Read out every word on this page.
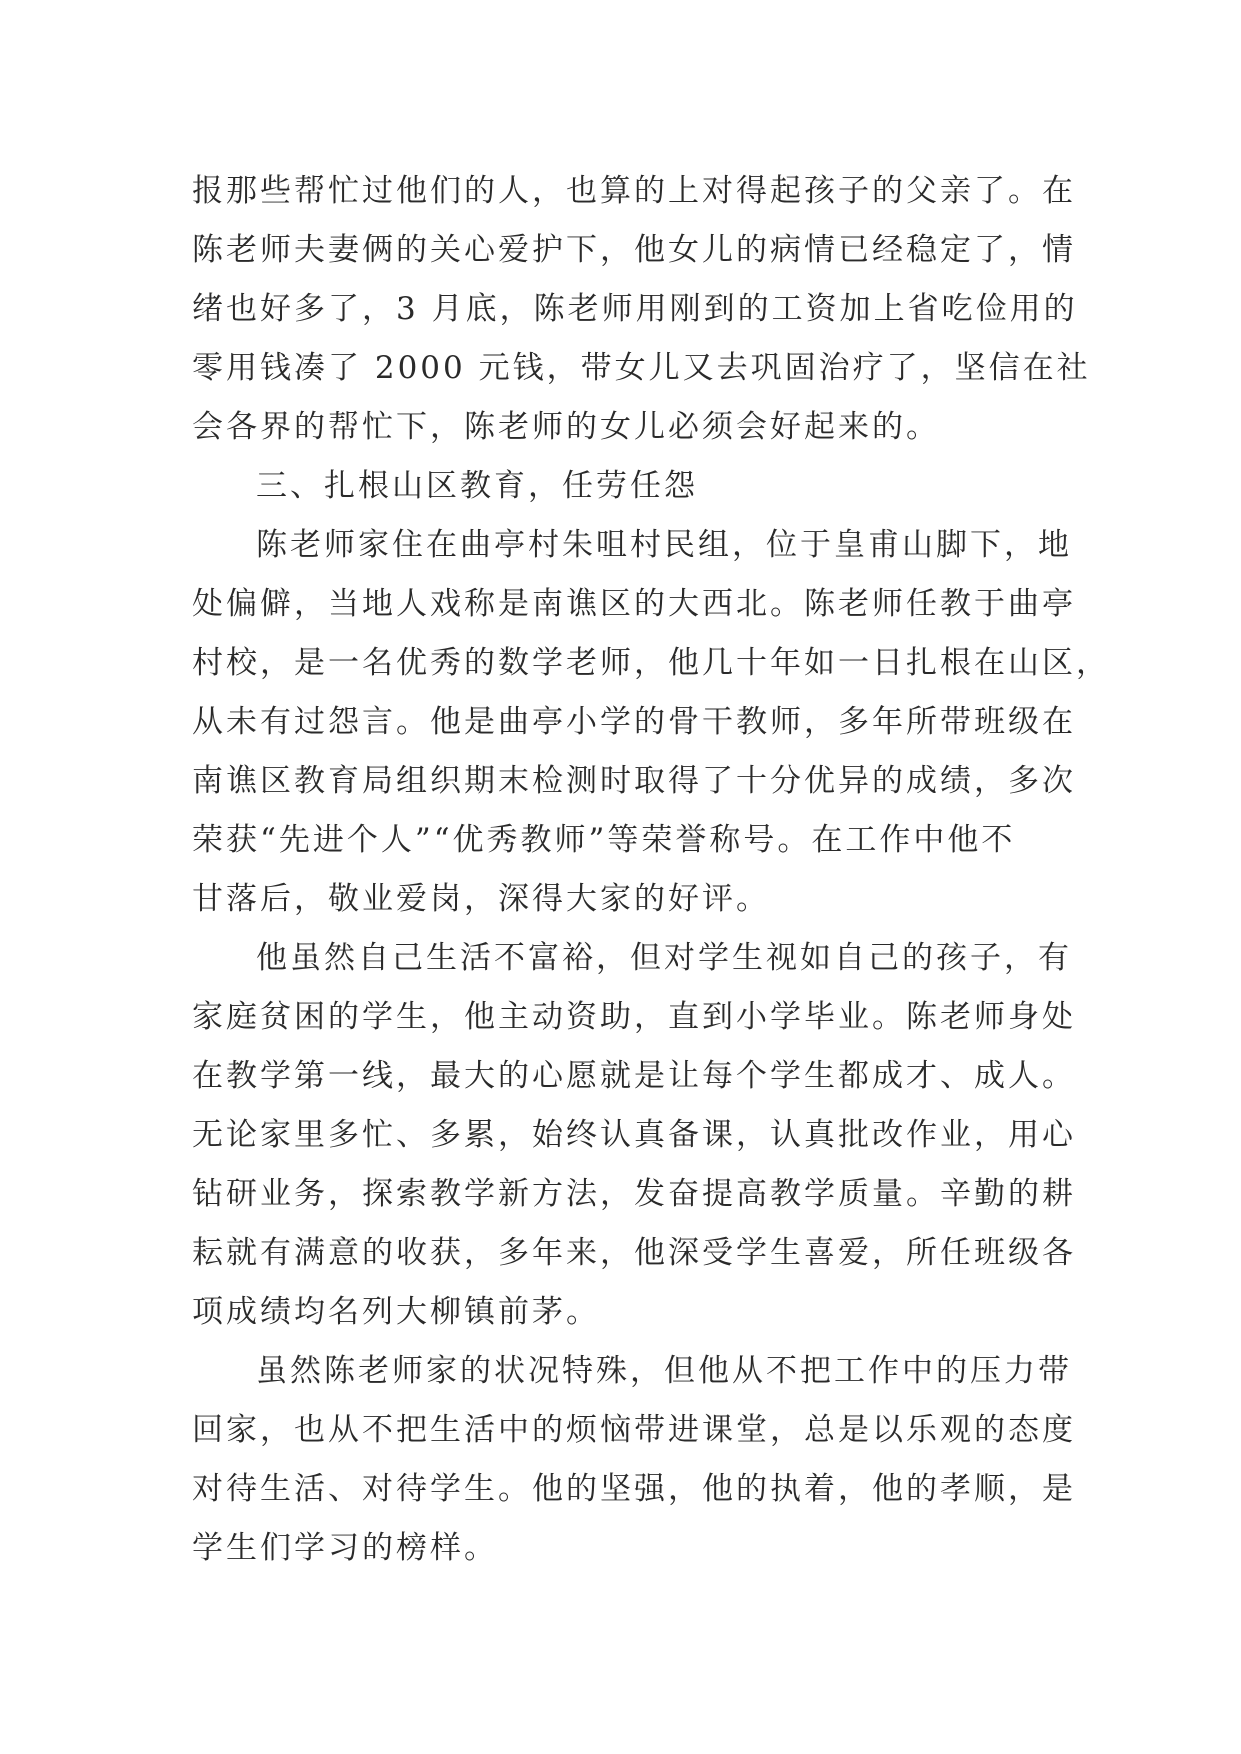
报那些帮忙过他们的人，也算的上对得起孩子的父亲了。在
陈老师夫妻俩的关心爱护下，他女儿的病情已经稳定了，情
绪也好多了，3 月底，陈老师用刚到的工资加上省吃俭用的
零用钱凑了 2000 元钱，带女儿又去巩固治疗了，坚信在社
会各界的帮忙下，陈老师的女儿必须会好起来的。
三、扎根山区教育，任劳任怨
陈老师家住在曲亭村朱咀村民组，位于皇甫山脚下，地
处偏僻，当地人戏称是南谯区的大西北。陈老师任教于曲亭
村校，是一名优秀的数学老师，他几十年如一日扎根在山区，
从未有过怨言。他是曲亭小学的骨干教师，多年所带班级在
南谯区教育局组织期末检测时取得了十分优异的成绩，多次
荣获“先进个人”“优秀教师”等荣誉称号。在工作中他不
甘落后，敬业爱岗，深得大家的好评。
他虽然自己生活不富裕，但对学生视如自己的孩子，有
家庭贫困的学生，他主动资助，直到小学毕业。陈老师身处
在教学第一线，最大的心愿就是让每个学生都成才、成人。
无论家里多忙、多累，始终认真备课，认真批改作业，用心
钻研业务，探索教学新方法，发奋提高教学质量。辛勤的耕
耘就有满意的收获，多年来，他深受学生喜爱，所任班级各
项成绩均名列大柳镇前茅。
虽然陈老师家的状况特殊，但他从不把工作中的压力带
回家，也从不把生活中的烦恼带进课堂，总是以乐观的态度
对待生活、对待学生。他的坚强，他的执着，他的孝顺，是
学生们学习的榜样。
